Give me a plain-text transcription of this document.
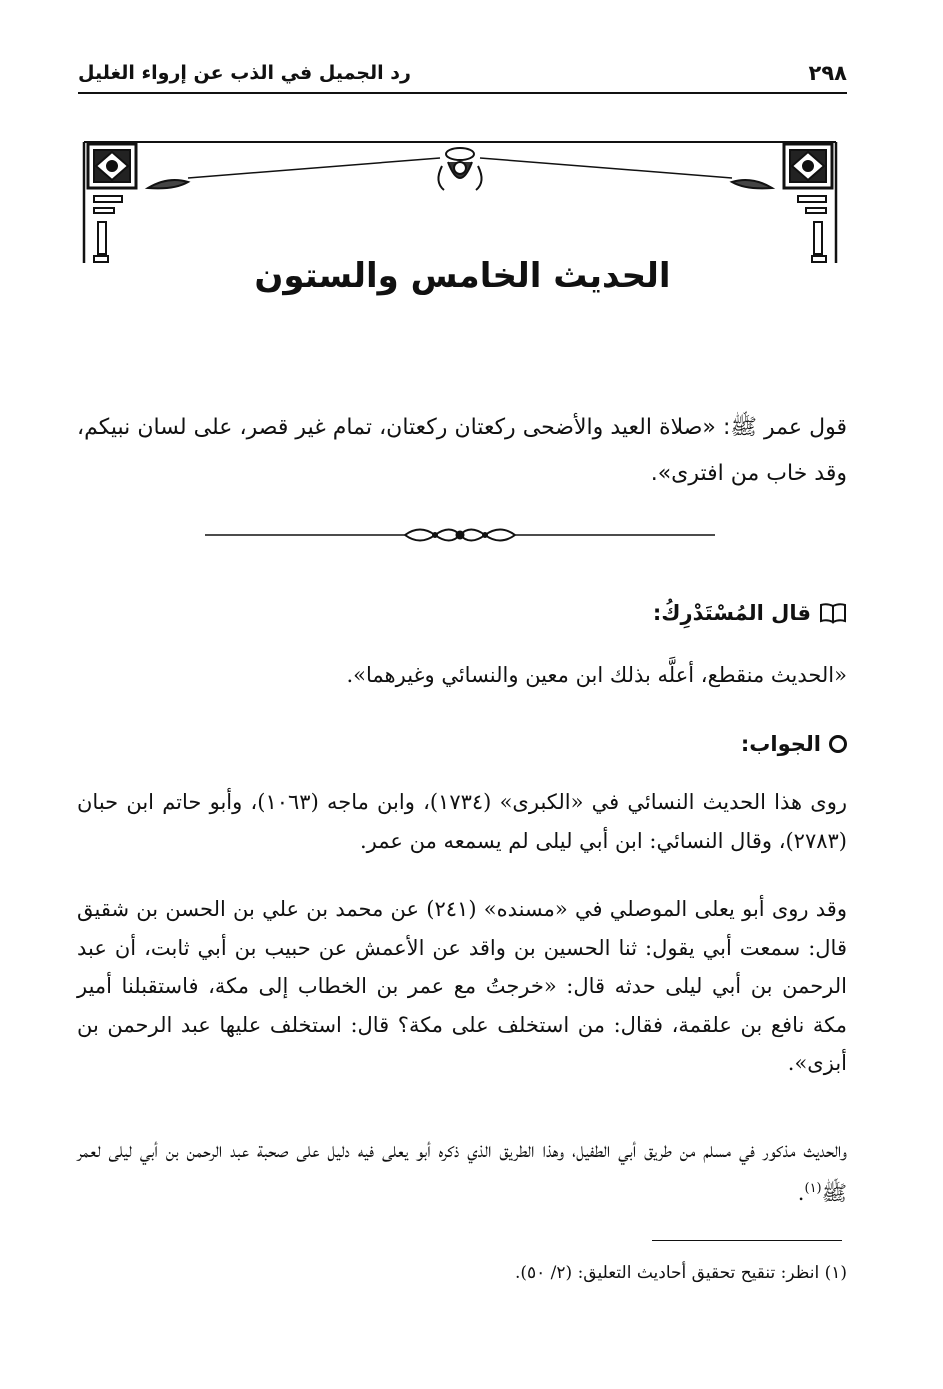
٢٩٨
رد الجميل في الذب عن إرواء الغليل
الحديث الخامس والستون
قول عمر ﷺ: «صلاة العيد والأضحى ركعتان ركعتان، تمام غير قصر، على لسان نبيكم، وقد خاب من افترى».
قال المُسْتَدْرِكُ:
«الحديث منقطع، أعلَّه بذلك ابن معين والنسائي وغيرهما».
الجواب:
روى هذا الحديث النسائي في «الكبرى» (١٧٣٤)، وابن ماجه (١٠٦٣)، وأبو حاتم ابن حبان (٢٧٨٣)، وقال النسائي: ابن أبي ليلى لم يسمعه من عمر.
وقد روى أبو يعلى الموصلي في «مسنده» (٢٤١) عن محمد بن علي بن الحسن بن شقيق قال: سمعت أبي يقول: ثنا الحسين بن واقد عن الأعمش عن حبيب بن أبي ثابت، أن عبد الرحمن بن أبي ليلى حدثه قال: «خرجتُ مع عمر بن الخطاب إلى مكة، فاستقبلنا أمير مكة نافع بن علقمة، فقال: من استخلف على مكة؟ قال: استخلف عليها عبد الرحمن بن أبزى».
والحديث مذكور في مسلم من طريق أبي الطفيل، وهذا الطريق الذي ذكره أبو يعلى فيه دليل على صحبة عبد الرحمن بن أبي ليلى لعمر ﷺ$^{(١)}$.
(١) انظر: تنقيح تحقيق أحاديث التعليق: (٢/ ٥٠).
